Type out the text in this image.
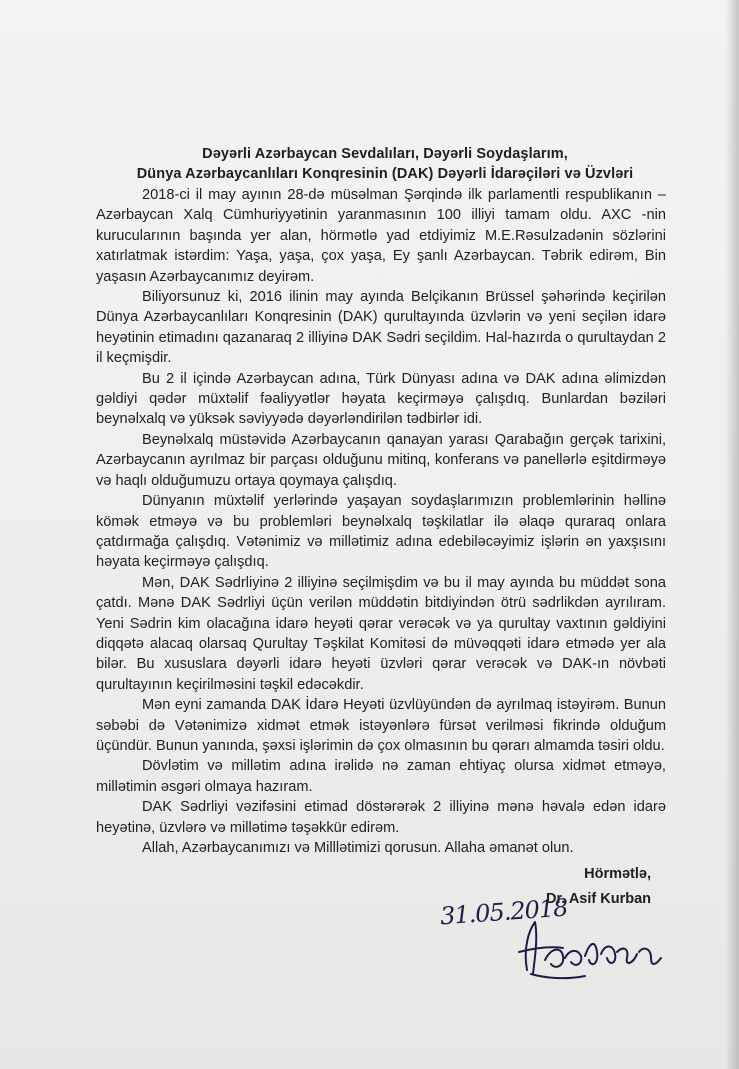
Dəyərli Azərbaycan Sevdalıları, Dəyərli Soydaşlarım,
Dünya Azərbaycanlıları Konqresinin (DAK) Dəyərli İdarəçiləri və Üzvləri

2018-ci il may ayının 28-də müsəlman Şərqində ilk parlamentli respublikanın – Azərbaycan Xalq Cümhuriyyətinin yaranmasının 100 illiyi tamam oldu. AXC -nin kurucularının başında yer alan, hörmətlə yad etdiyimiz M.E.Rəsulzadənin sözlərini xatırlatmak istərdim: Yaşa, yaşa, çox yaşa, Ey şanlı Azərbaycan. Təbrik edirəm, Bin yaşasın Azərbaycanımız deyirəm.

Biliyorsunuz ki, 2016 ilinin may ayında Belçikanın Brüssel şəhərində keçirilən Dünya Azərbaycanlıları Konqresinin (DAK) qurultayında üzvlərin və yeni seçilən idarə heyətinin etimadını qazanaraq 2 illiyinə DAK Sədri seçildim. Hal-hazırda o qurultaydan 2 il keçmişdir.

Bu 2 il içində Azərbaycan adına, Türk Dünyası adına və DAK adına əlimizdən gəldiyi qədər müxtəlif fəaliyyətlər həyata keçirməyə çalışdıq. Bunlardan bəziləri beynəlxalq və yüksək səviyyədə dəyərləndirilən tədbirlər idi.

Beynəlxalq müstəvidə Azərbaycanın qanayan yarası Qarabağın gerçək tarixini, Azərbaycanın ayrılmaz bir parçası olduğunu mitinq, konferans və panellərlə eşitdirməyə və haqlı olduğumuzu ortaya qoymaya çalışdıq.

Dünyanın müxtəlif yerlərində yaşayan soydaşlarımızın problemlərinin həllinə kömək etməyə və bu problemləri beynəlxalq təşkilatlar ilə əlaqə quraraq onlara çatdırmağa çalışdıq. Vətənimiz və millətimiz adına edebiləcəyimiz işlərin ən yaxşısını həyata keçirməyə çalışdıq.

Mən, DAK Sədrliyinə 2 illiyinə seçilmişdim və bu il may ayında bu müddət sona çatdı. Mənə DAK Sədrliyi üçün verilən müddətin bitdiyindən ötrü sədrlikdən ayrılıram. Yeni Sədrin kim olacağına idarə heyəti qərar verəcək və ya qurultay vaxtının gəldiyini diqqətə alacaq olarsaq Qurultay Təşkilat Komitəsi də müvəqqəti idarə etmədə yer ala bilər. Bu xususlara dəyərli idarə heyəti üzvləri qərar verəcək və DAK-ın növbəti qurultayının keçirilməsini təşkil edəcəkdir.

Mən eyni zamanda DAK İdarə Heyəti üzvlüyündən də ayrılmaq istəyirəm. Bunun səbəbi də Vətənimizə xidmət etmək istəyənlərə fürsət verilməsi fikrində olduğum üçündür. Bunun yanında, şəxsi işlərimin də çox olmasının bu qərarı almamda təsiri oldu.

Dövlətim və millətim adına irəlidə nə zaman ehtiyaç olursa xidmət etməyə, millətimin əsgəri olmaya hazıram.

DAK Sədrliyi vəzifəsini etimad döstərərək 2 illiyinə mənə həvalə edən idarə heyətinə, üzvlərə və millətimə təşəkkür edirəm.

Allah, Azərbaycanımızı və Milllətimizi qorusun. Allaha əmanət olun.

Hörmətlə,
Dr. Asif Kurban
31.05.2018
